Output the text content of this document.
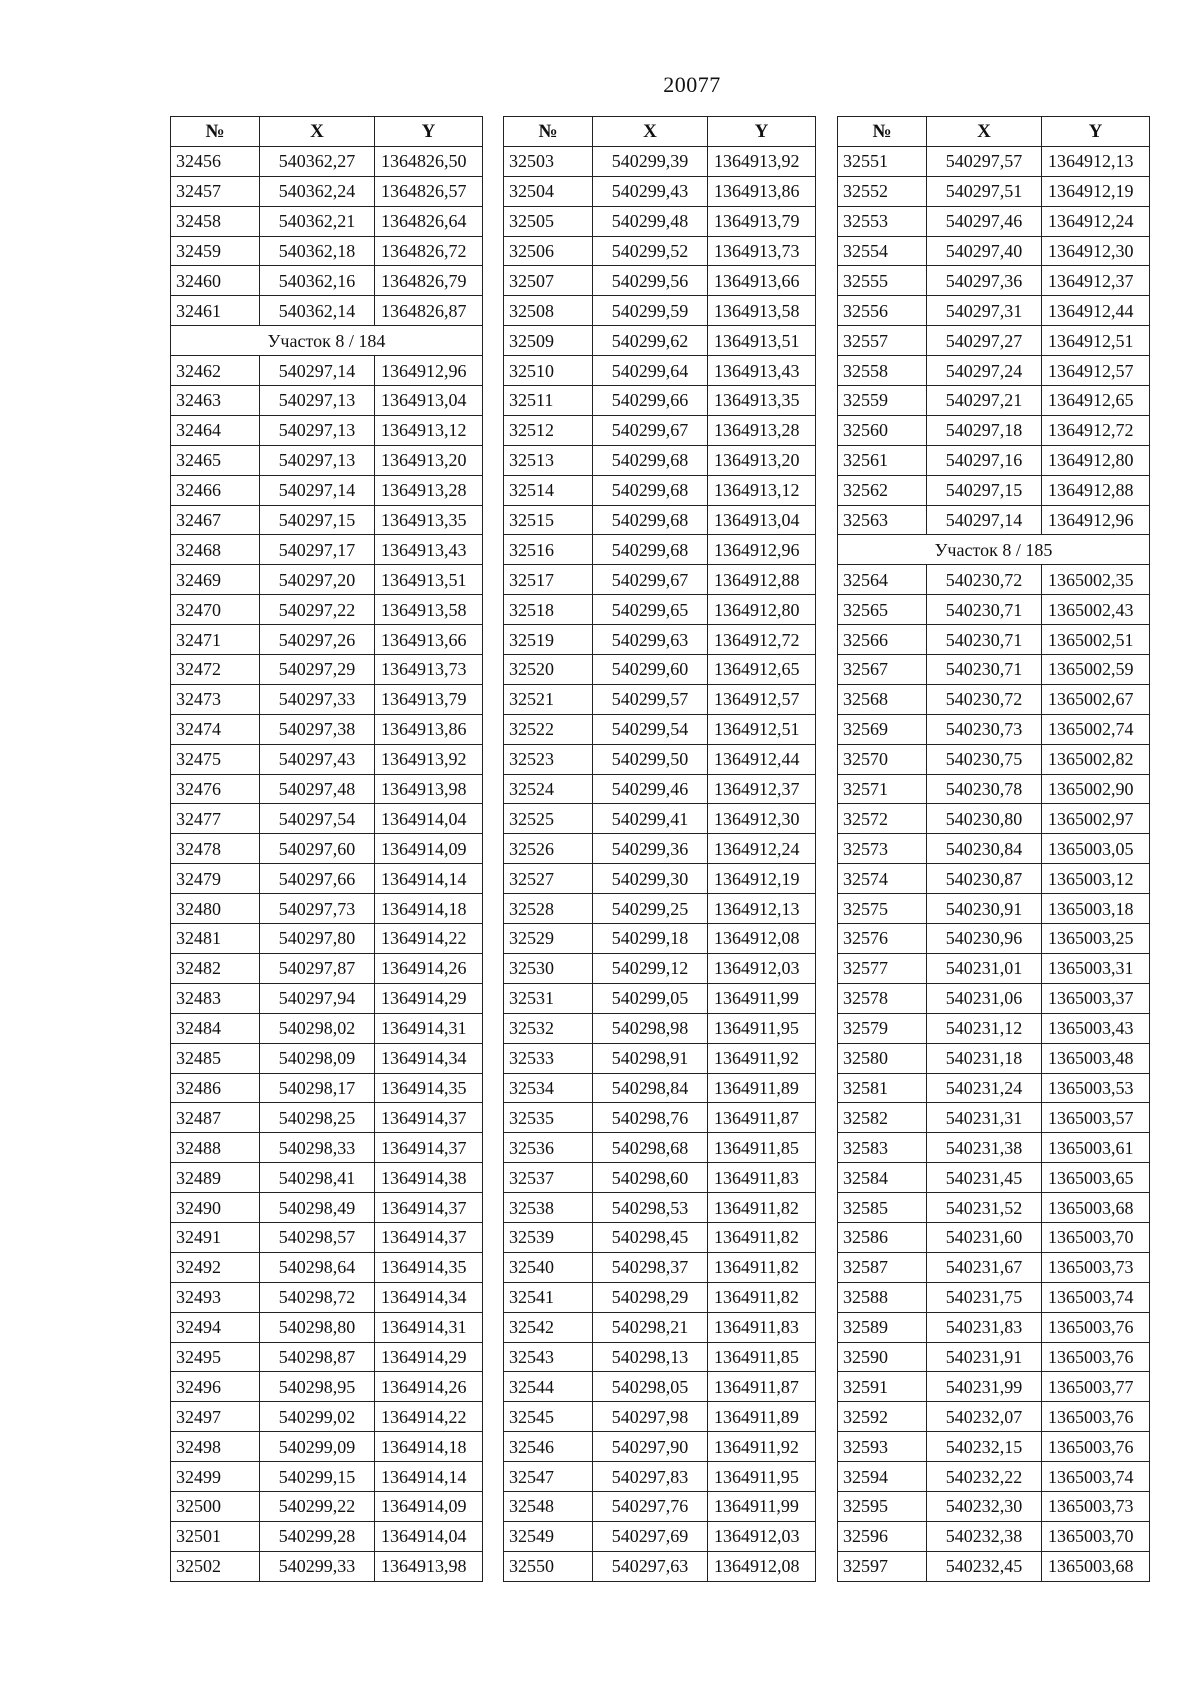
20077
№	X	Y
32456	540362,27	1364826,50
32457	540362,24	1364826,57
32458	540362,21	1364826,64
32459	540362,18	1364826,72
32460	540362,16	1364826,79
32461	540362,14	1364826,87
Участок 8 / 184		
32462	540297,14	1364912,96
32463	540297,13	1364913,04
32464	540297,13	1364913,12
32465	540297,13	1364913,20
32466	540297,14	1364913,28
32467	540297,15	1364913,35
32468	540297,17	1364913,43
32469	540297,20	1364913,51
32470	540297,22	1364913,58
32471	540297,26	1364913,66
32472	540297,29	1364913,73
32473	540297,33	1364913,79
32474	540297,38	1364913,86
32475	540297,43	1364913,92
32476	540297,48	1364913,98
32477	540297,54	1364914,04
32478	540297,60	1364914,09
32479	540297,66	1364914,14
32480	540297,73	1364914,18
32481	540297,80	1364914,22
32482	540297,87	1364914,26
32483	540297,94	1364914,29
32484	540298,02	1364914,31
32485	540298,09	1364914,34
32486	540298,17	1364914,35
32487	540298,25	1364914,37
32488	540298,33	1364914,37
32489	540298,41	1364914,38
32490	540298,49	1364914,37
32491	540298,57	1364914,37
32492	540298,64	1364914,35
32493	540298,72	1364914,34
32494	540298,80	1364914,31
32495	540298,87	1364914,29
32496	540298,95	1364914,26
32497	540299,02	1364914,22
32498	540299,09	1364914,18
32499	540299,15	1364914,14
32500	540299,22	1364914,09
32501	540299,28	1364914,04
32502	540299,33	1364913,98
№	X	Y
32503	540299,39	1364913,92
32504	540299,43	1364913,86
32505	540299,48	1364913,79
32506	540299,52	1364913,73
32507	540299,56	1364913,66
32508	540299,59	1364913,58
32509	540299,62	1364913,51
32510	540299,64	1364913,43
32511	540299,66	1364913,35
32512	540299,67	1364913,28
32513	540299,68	1364913,20
32514	540299,68	1364913,12
32515	540299,68	1364913,04
32516	540299,68	1364912,96
32517	540299,67	1364912,88
32518	540299,65	1364912,80
32519	540299,63	1364912,72
32520	540299,60	1364912,65
32521	540299,57	1364912,57
32522	540299,54	1364912,51
32523	540299,50	1364912,44
32524	540299,46	1364912,37
32525	540299,41	1364912,30
32526	540299,36	1364912,24
32527	540299,30	1364912,19
32528	540299,25	1364912,13
32529	540299,18	1364912,08
32530	540299,12	1364912,03
32531	540299,05	1364911,99
32532	540298,98	1364911,95
32533	540298,91	1364911,92
32534	540298,84	1364911,89
32535	540298,76	1364911,87
32536	540298,68	1364911,85
32537	540298,60	1364911,83
32538	540298,53	1364911,82
32539	540298,45	1364911,82
32540	540298,37	1364911,82
32541	540298,29	1364911,82
32542	540298,21	1364911,83
32543	540298,13	1364911,85
32544	540298,05	1364911,87
32545	540297,98	1364911,89
32546	540297,90	1364911,92
32547	540297,83	1364911,95
32548	540297,76	1364911,99
32549	540297,69	1364912,03
32550	540297,63	1364912,08
№	X	Y
32551	540297,57	1364912,13
32552	540297,51	1364912,19
32553	540297,46	1364912,24
32554	540297,40	1364912,30
32555	540297,36	1364912,37
32556	540297,31	1364912,44
32557	540297,27	1364912,51
32558	540297,24	1364912,57
32559	540297,21	1364912,65
32560	540297,18	1364912,72
32561	540297,16	1364912,80
32562	540297,15	1364912,88
32563	540297,14	1364912,96
Участок 8 / 185		
32564	540230,72	1365002,35
32565	540230,71	1365002,43
32566	540230,71	1365002,51
32567	540230,71	1365002,59
32568	540230,72	1365002,67
32569	540230,73	1365002,74
32570	540230,75	1365002,82
32571	540230,78	1365002,90
32572	540230,80	1365002,97
32573	540230,84	1365003,05
32574	540230,87	1365003,12
32575	540230,91	1365003,18
32576	540230,96	1365003,25
32577	540231,01	1365003,31
32578	540231,06	1365003,37
32579	540231,12	1365003,43
32580	540231,18	1365003,48
32581	540231,24	1365003,53
32582	540231,31	1365003,57
32583	540231,38	1365003,61
32584	540231,45	1365003,65
32585	540231,52	1365003,68
32586	540231,60	1365003,70
32587	540231,67	1365003,73
32588	540231,75	1365003,74
32589	540231,83	1365003,76
32590	540231,91	1365003,76
32591	540231,99	1365003,77
32592	540232,07	1365003,76
32593	540232,15	1365003,76
32594	540232,22	1365003,74
32595	540232,30	1365003,73
32596	540232,38	1365003,70
32597	540232,45	1365003,68
